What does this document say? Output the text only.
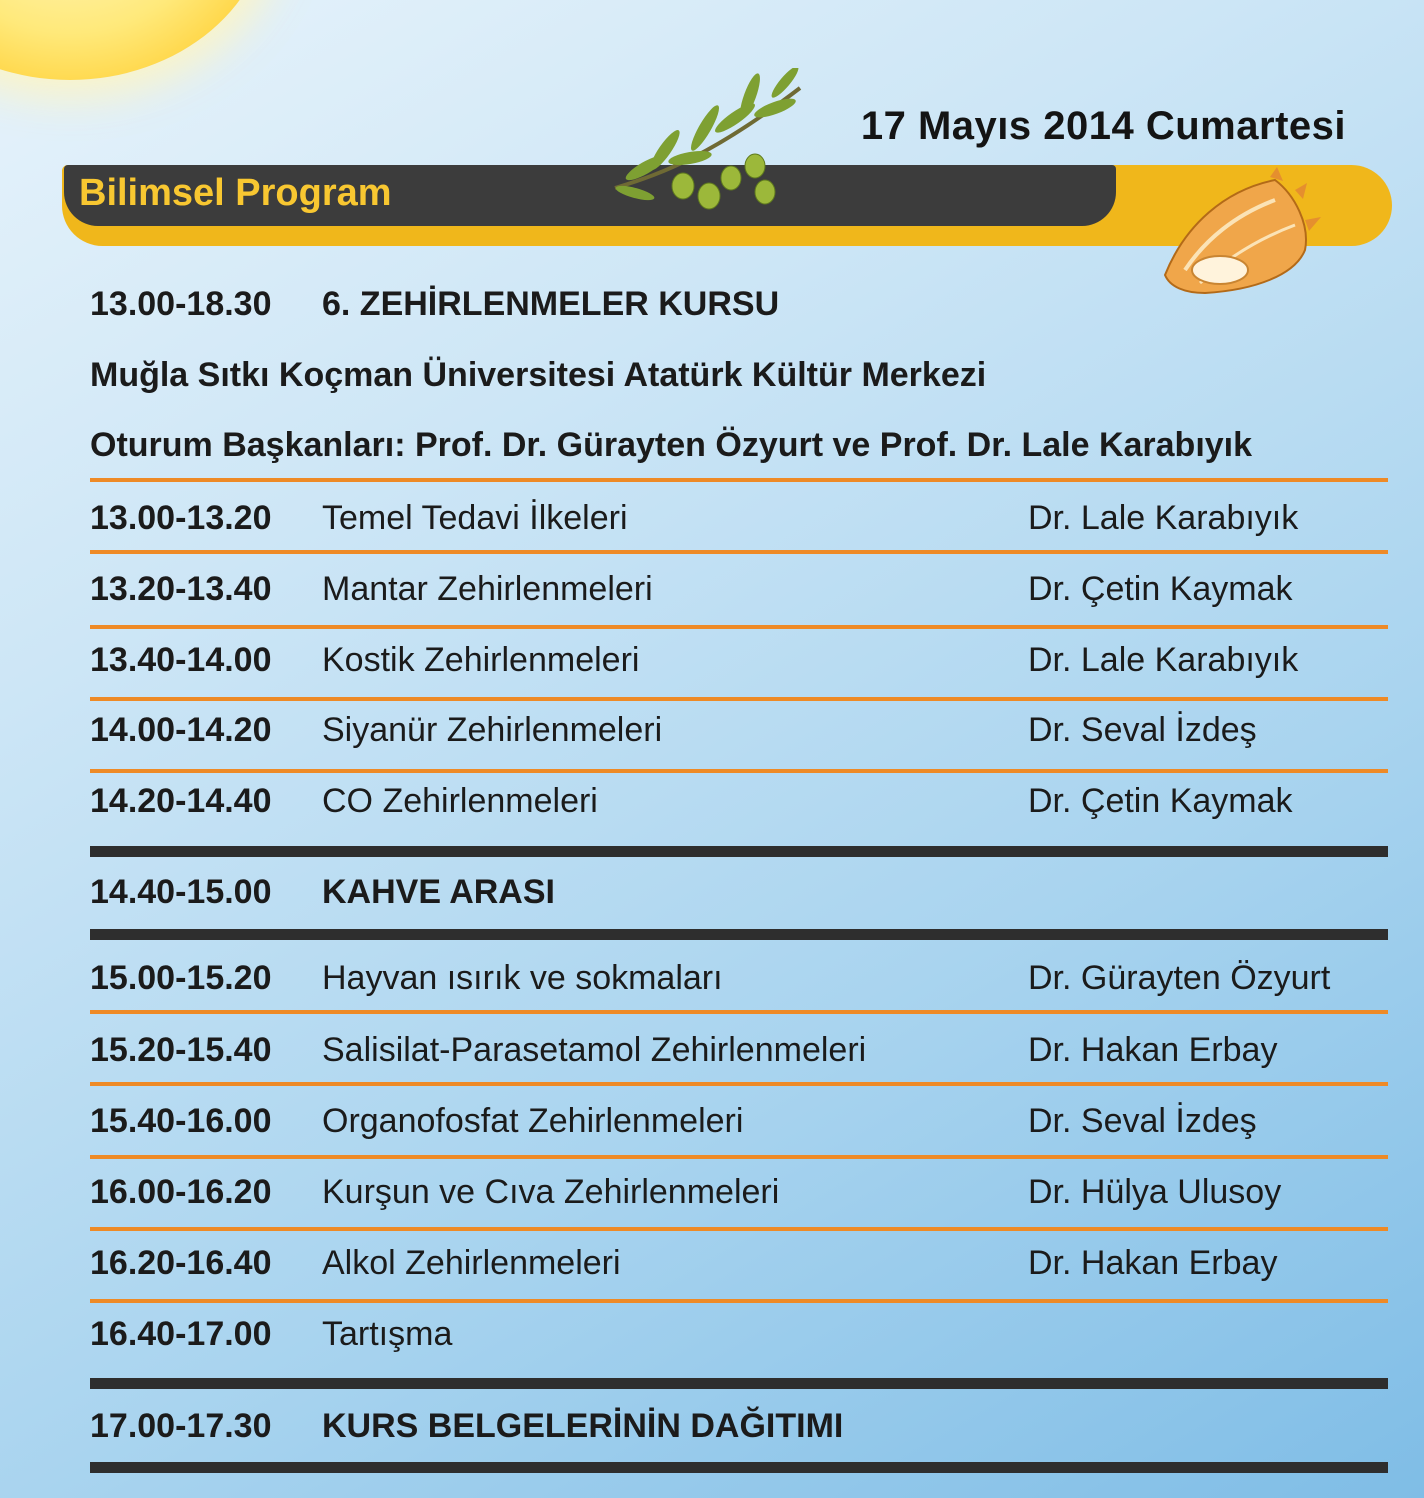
17 Mayıs 2014 Cumartesi
Bilimsel Program
13.00-18.30 6. ZEHİRLENMELER KURSU
Muğla Sıtkı Koçman Üniversitesi Atatürk Kültür Merkezi
Oturum Başkanları: Prof. Dr. Gürayten Özyurt ve Prof. Dr. Lale Karabıyık
13.00-13.20 Temel Tedavi İlkeleri	Dr. Lale Karabıyık
13.20-13.40 Mantar Zehirlenmeleri	Dr. Çetin Kaymak
13.40-14.00 Kostik Zehirlenmeleri	Dr. Lale Karabıyık
14.00-14.20 Siyanür Zehirlenmeleri	Dr. Seval İzdeş
14.20-14.40 CO Zehirlenmeleri	Dr. Çetin Kaymak
14.40-15.00 KAHVE ARASI
15.00-15.20 Hayvan ısırık ve sokmaları	Dr. Gürayten Özyurt
15.20-15.40 Salisilat-Parasetamol Zehirlenmeleri	Dr. Hakan Erbay
15.40-16.00 Organofosfat Zehirlenmeleri	Dr. Seval İzdeş
16.00-16.20 Kurşun ve Cıva Zehirlenmeleri	Dr. Hülya Ulusoy
16.20-16.40 Alkol Zehirlenmeleri	Dr. Hakan Erbay
16.40-17.00 Tartışma
17.00-17.30 KURS BELGELERİNİN DAĞITIMI
